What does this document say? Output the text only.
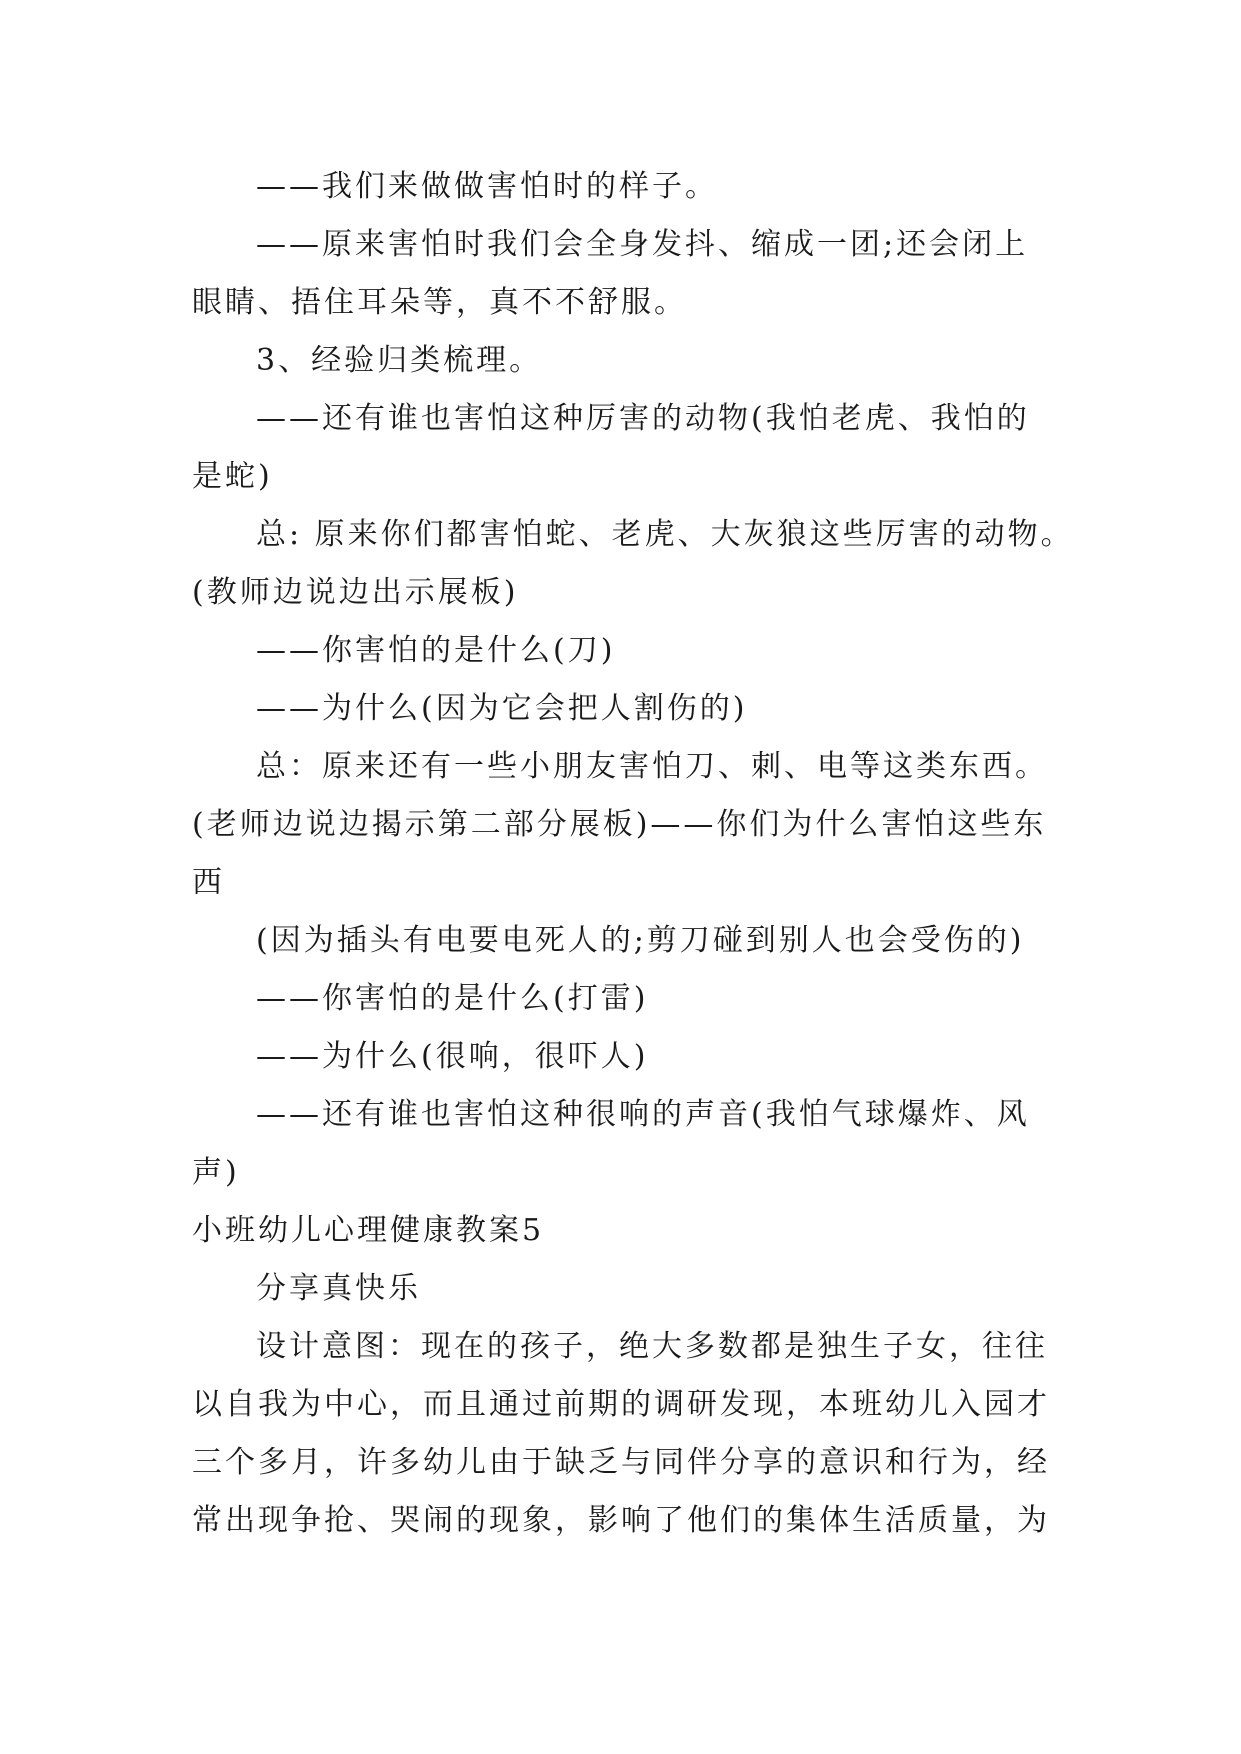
——我们来做做害怕时的样子。
——原来害怕时我们会全身发抖、缩成一团;还会闭上
眼睛、捂住耳朵等，真不不舒服。
3、经验归类梳理。
——还有谁也害怕这种厉害的动物(我怕老虎、我怕的
是蛇)
总: 原来你们都害怕蛇、老虎、大灰狼这些厉害的动物。
(教师边说边出示展板)
——你害怕的是什么(刀)
——为什么(因为它会把人割伤的)
总：原来还有一些小朋友害怕刀、刺、电等这类东西。
(老师边说边揭示第二部分展板)——你们为什么害怕这些东
西
(因为插头有电要电死人的;剪刀碰到别人也会受伤的)
——你害怕的是什么(打雷)
——为什么(很响，很吓人)
——还有谁也害怕这种很响的声音(我怕气球爆炸、风
声)
小班幼儿心理健康教案5
分享真快乐
设计意图：现在的孩子，绝大多数都是独生子女，往往
以自我为中心，而且通过前期的调研发现，本班幼儿入园才
三个多月，许多幼儿由于缺乏与同伴分享的意识和行为，经
常出现争抢、哭闹的现象，影响了他们的集体生活质量，为
